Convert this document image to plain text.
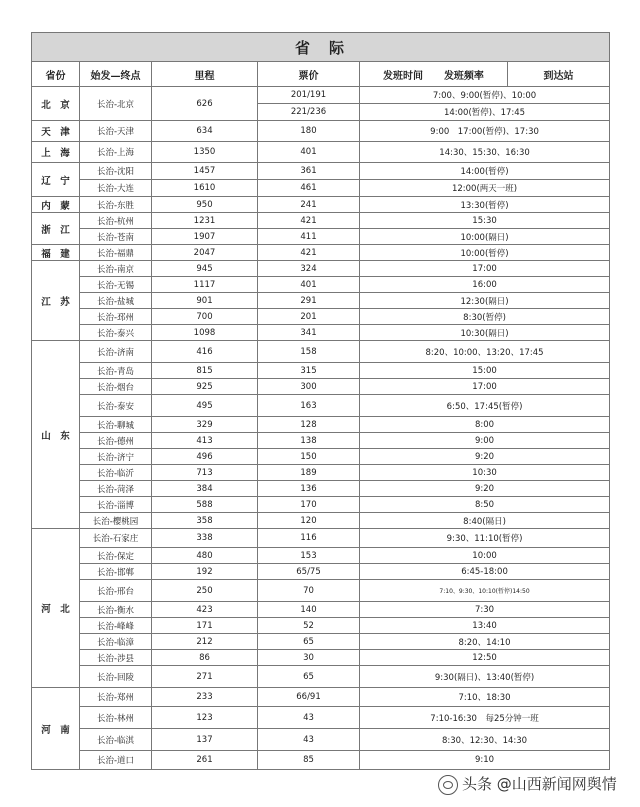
省　际						
省份	始发—终点	里程	票价	发班时间 发班频率	到达站	
北　京	长治-北京	626	201/191	7:00、9:00(暂停)、10:00	
			221/236	14:00(暂停)、17:45	
天　津	长治-天津	634	180	9:00　17:00(暂停)、17:30	
上　海	长治-上海	1350	401	14:30、15:30、16:30	
辽　宁	长治-沈阳	1457	361	14:00(暂停)	
	长治-大连	1610	461	12:00(两天一班)	
内　蒙	长治-东胜	950	241	13:30(暂停)	
浙　江	长治-杭州	1231	421	15:30	
	长治-苍南	1907	411	10:00(隔日)	
福　建	长治-福鼎	2047	421	10:00(暂停)	
江　苏	长治-南京	945	324	17:00	
	长治-无锡	1117	401	16:00	
	长治-盐城	901	291	12:30(隔日)	
	长治-邳州	700	201	8:30(暂停)	
	长治-泰兴	1098	341	10:30(隔日)	
山　东	长治-济南	416	158	8:20、10:00、13:20、17:45	
	长治-青岛	815	315	15:00	
	长治-烟台	925	300	17:00	
	长治-泰安	495	163	6:50、17:45(暂停)	
	长治-聊城	329	128	8:00	
	长治-德州	413	138	9:00	
	长治-济宁	496	150	9:20	
	长治-临沂	713	189	10:30	
	长治-菏泽	384	136	9:20	
	长治-淄博	588	170	8:50	
	长治-樱桃园	358	120	8:40(隔日)	
河　北	长治-石家庄	338	116	9:30、11:10(暂停)	
	长治-保定	480	153	10:00	
	长治-邯郸	192	65/75	6:45-18:00	
	长治-邢台	250	70	7:10、9:30、10:10(暂停)14:50	
	长治-衡水	423	140	7:30	
	长治-峰峰	171	52	13:40	
	长治-临漳	212	65	8:20、14:10	
	长治-涉县	86	30	12:50	
	长治-回陵	271	65	9:30(隔日)、13:40(暂停)	
河　南	长治-郑州	233	66/91	7:10、18:30	
	长治-林州	123	43	7:10-16:30　每25分钟一班	
	长治-临淇	137	43	8:30、12:30、14:30	
	长治-道口	261	85	9:10	
头条 @山西新闻网舆情
